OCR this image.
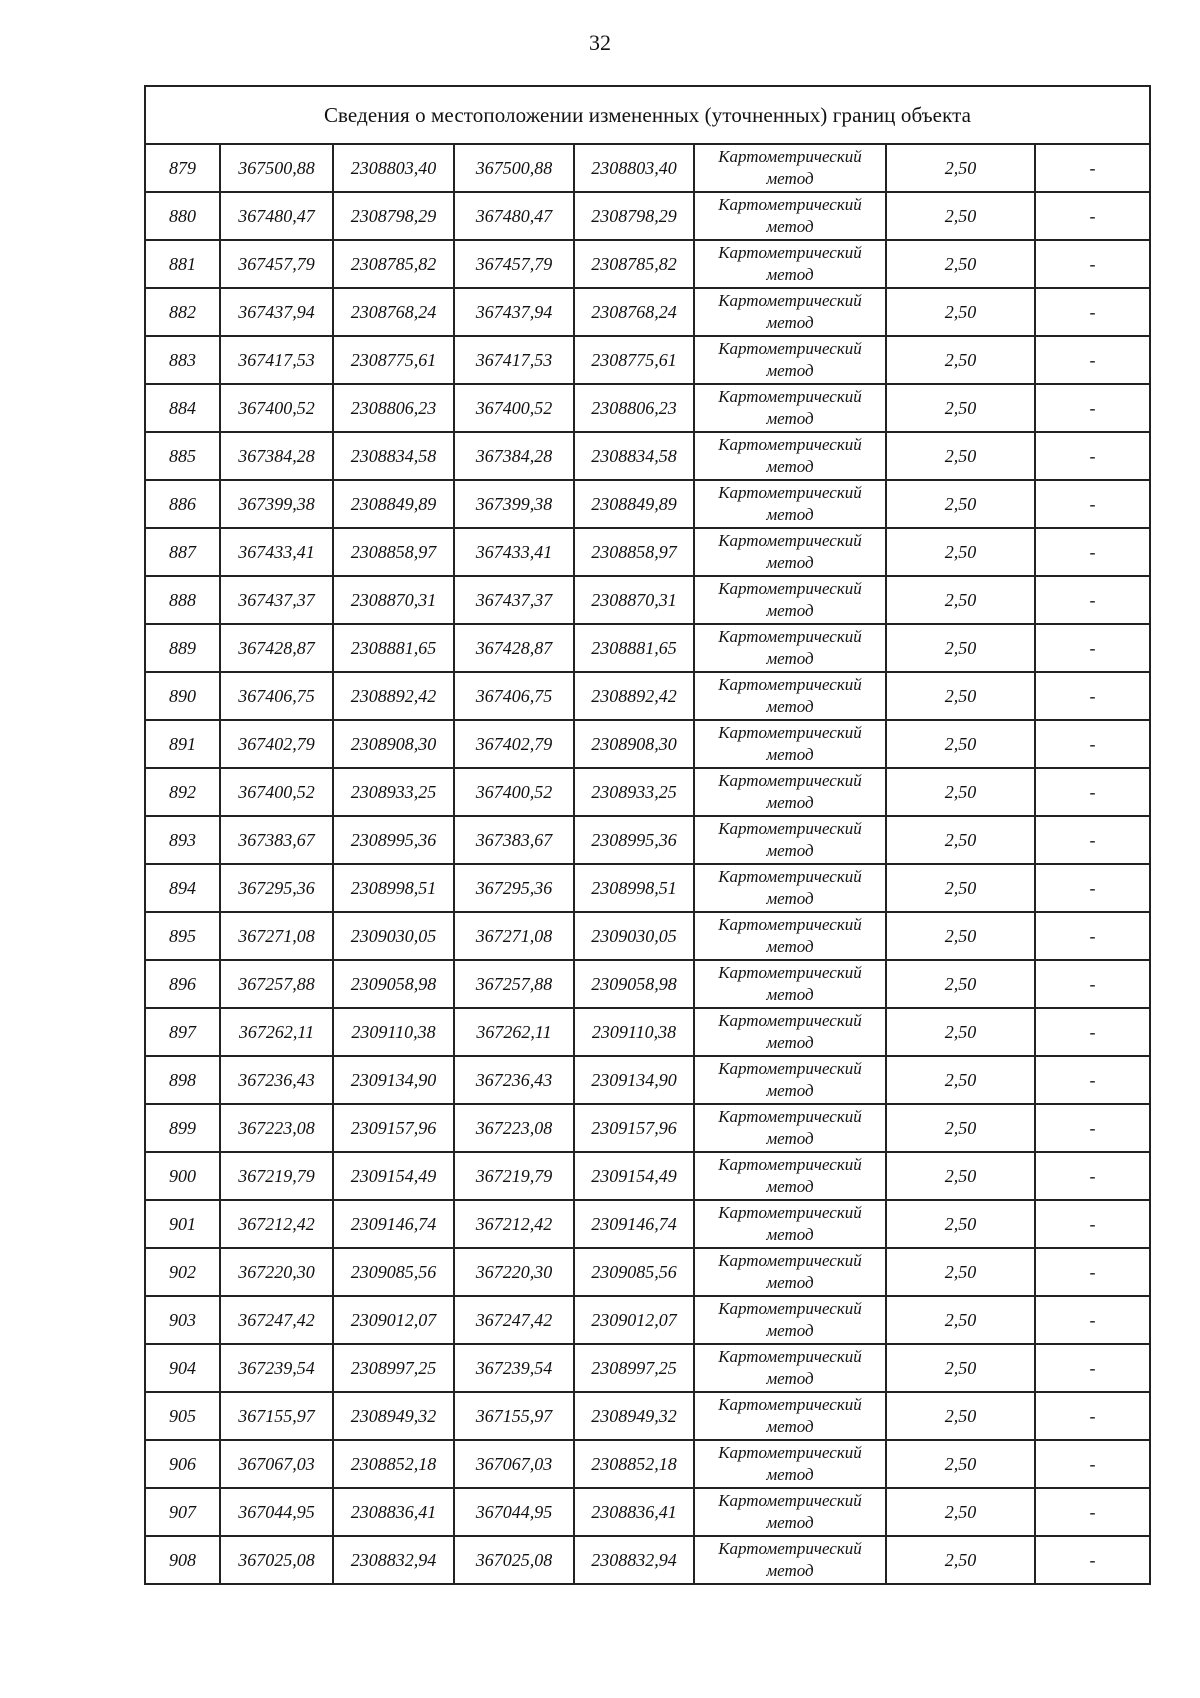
32
Сведения о местоположении измененных (уточненных) границ объекта							
879	367500,88	2308803,40	367500,88	2308803,40	Картометрический
метод	2,50	-
880	367480,47	2308798,29	367480,47	2308798,29	Картометрический
метод	2,50	-
881	367457,79	2308785,82	367457,79	2308785,82	Картометрический
метод	2,50	-
882	367437,94	2308768,24	367437,94	2308768,24	Картометрический
метод	2,50	-
883	367417,53	2308775,61	367417,53	2308775,61	Картометрический
метод	2,50	-
884	367400,52	2308806,23	367400,52	2308806,23	Картометрический
метод	2,50	-
885	367384,28	2308834,58	367384,28	2308834,58	Картометрический
метод	2,50	-
886	367399,38	2308849,89	367399,38	2308849,89	Картометрический
метод	2,50	-
887	367433,41	2308858,97	367433,41	2308858,97	Картометрический
метод	2,50	-
888	367437,37	2308870,31	367437,37	2308870,31	Картометрический
метод	2,50	-
889	367428,87	2308881,65	367428,87	2308881,65	Картометрический
метод	2,50	-
890	367406,75	2308892,42	367406,75	2308892,42	Картометрический
метод	2,50	-
891	367402,79	2308908,30	367402,79	2308908,30	Картометрический
метод	2,50	-
892	367400,52	2308933,25	367400,52	2308933,25	Картометрический
метод	2,50	-
893	367383,67	2308995,36	367383,67	2308995,36	Картометрический
метод	2,50	-
894	367295,36	2308998,51	367295,36	2308998,51	Картометрический
метод	2,50	-
895	367271,08	2309030,05	367271,08	2309030,05	Картометрический
метод	2,50	-
896	367257,88	2309058,98	367257,88	2309058,98	Картометрический
метод	2,50	-
897	367262,11	2309110,38	367262,11	2309110,38	Картометрический
метод	2,50	-
898	367236,43	2309134,90	367236,43	2309134,90	Картометрический
метод	2,50	-
899	367223,08	2309157,96	367223,08	2309157,96	Картометрический
метод	2,50	-
900	367219,79	2309154,49	367219,79	2309154,49	Картометрический
метод	2,50	-
901	367212,42	2309146,74	367212,42	2309146,74	Картометрический
метод	2,50	-
902	367220,30	2309085,56	367220,30	2309085,56	Картометрический
метод	2,50	-
903	367247,42	2309012,07	367247,42	2309012,07	Картометрический
метод	2,50	-
904	367239,54	2308997,25	367239,54	2308997,25	Картометрический
метод	2,50	-
905	367155,97	2308949,32	367155,97	2308949,32	Картометрический
метод	2,50	-
906	367067,03	2308852,18	367067,03	2308852,18	Картометрический
метод	2,50	-
907	367044,95	2308836,41	367044,95	2308836,41	Картометрический
метод	2,50	-
908	367025,08	2308832,94	367025,08	2308832,94	Картометрический
метод	2,50	-
